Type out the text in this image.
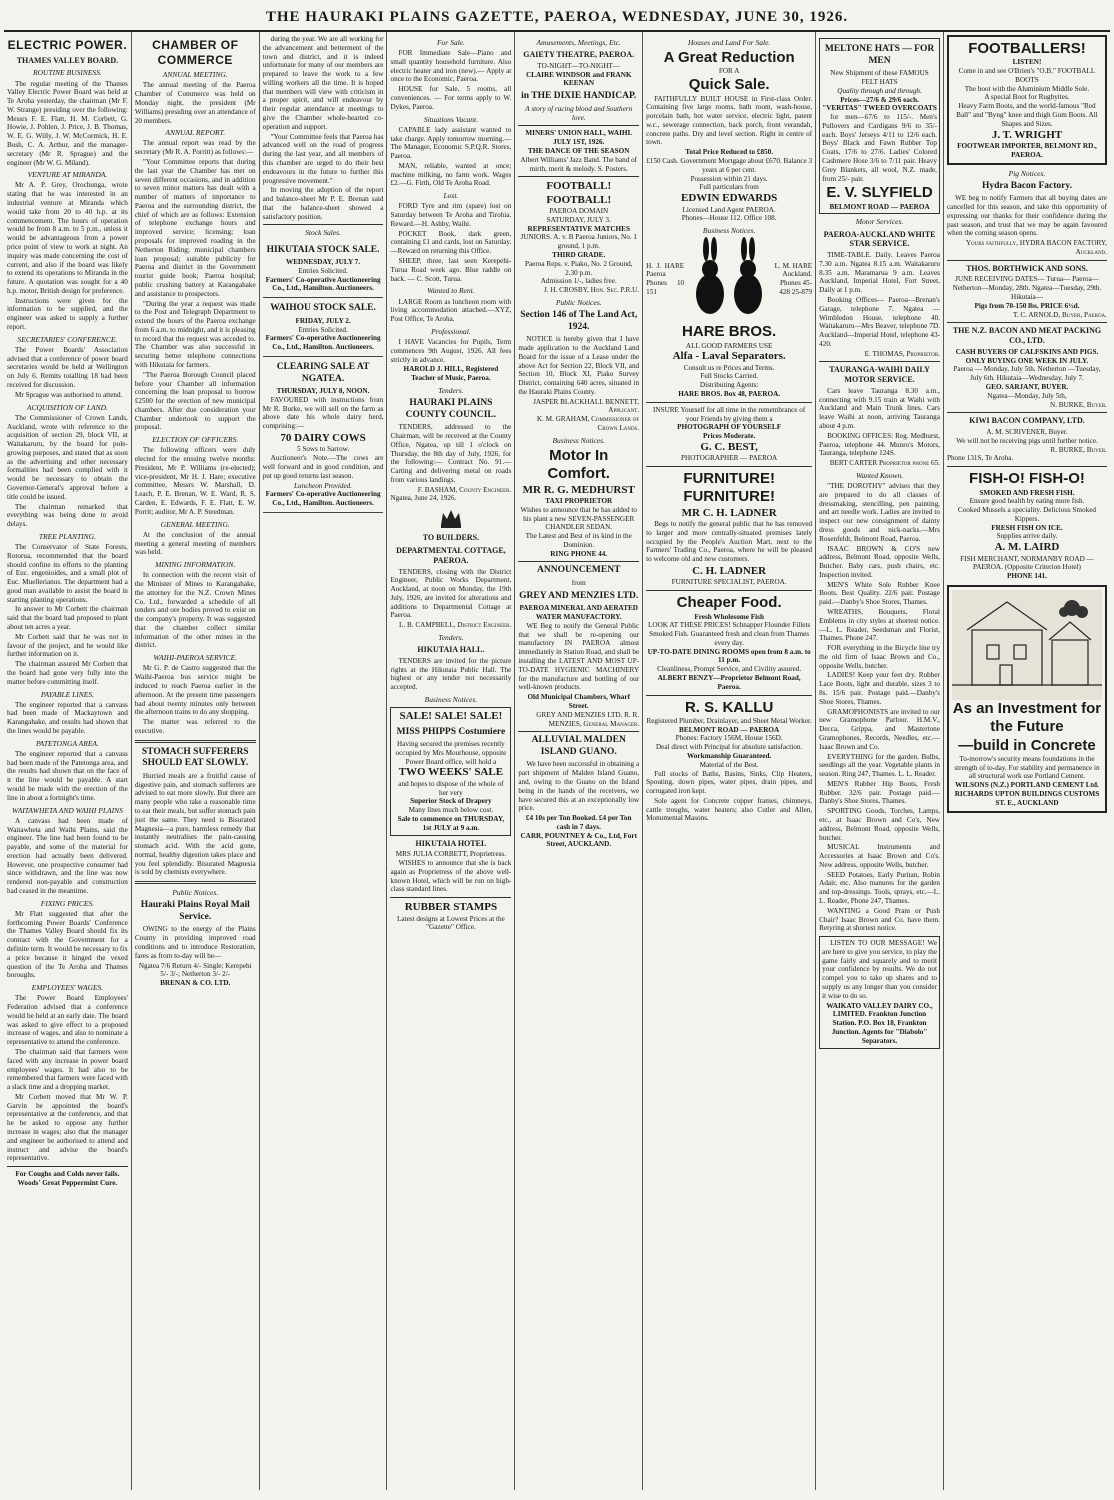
THE HAURAKI PLAINS GAZETTE, PAEROA, WEDNESDAY, JUNE 30, 1926.
ELECTRIC POWER.
THAMES VALLEY BOARD.
ROUTINE BUSINESS.

The regular meeting of the Thames Valley Electric Power Board was held at Te Aroha yesterday, the chairman (Mr F. W. Strange) presiding over the following: Messrs F. E. Flatt, H. M. Corbett, G. Howie, J. Pohlen, J. Price, J. B. Thomas, W. E. G. Willy, J. W. McCormick, H. E. Bush, C. A. Arthur, and the manager-secretary (Mr R. Sprague) and the engineer (Mr W. G. Miland).

VENTURE AT MIRANDA.

Mr A. P. Grey, Orochunga, wrote stating that he was interested in an industrial venture at Miranda which would take from 20 to 40 h.p. at its commencement. The hours of operation would be from 8 a.m. to 5 p.m., unless it would be advantageous from a power price point of view to work at night. An inquiry was made concerning the cost of current, and also if the board was likely to extend its operations to Miranda in the future. A quotation was sought for a 40 h.p. motor, British design for preference.

Instructions were given for the information to be supplied, and the engineer was asked to supply a further report.

SECRETARIES' CONFERENCE.

The Power Boards' Association advised that a conference of power board secretaries would be held at Wellington on July 6. Remits totalling 18 had been received for discussion.

Mr Sprague was authorised to attend.

ACQUISITION OF LAND.

The Commissioner of Crown Lands, Auckland, wrote with reference to the acquisition of section 29, block VII, at Waitakaruru, by the board for pole-growing purposes, and stated that as soon as the advertising and other necessary formalities had been complied with it would be necessary to obtain the Governor-General's approval before a title could be issued.

The chairman remarked that everything was being done to avoid delays.

TREE PLANTING.

The Conservator of State Forests, Rotorua, recommended that the board should confine its efforts to the planting of Euc. engenioides, and a small plot of Euc. Muellerianus. The department had a good man available to assist the board in starting planting operations.

In answer to Mr Corbett the chairman said that the board had proposed to plant about ten acres a year.

Mr Corbett said that he was not in favour of the project, and he would like further information on it.

The chairman assured Mr Corbett that the board had gone very fully into the matter before committing itself.

PAYABLE LINES.

The engineer reported that a canvass had been made of Mackaytown and Karangahake, and results had shown that the lines would be payable.

PATETONGA AREA.

The engineer reported that a canvass had been made of the Patetonga area, and the results had shown that on the face of it the line would be payable. A start would be made with the erection of the line in about a fortnight's time.

WAITAWHETA AND WAIHI PLAINS

A canvass had been made of Waitawheta and Waihi Plains, said the engineer. The line had been found to be payable, and some of the material for erection had actually been delivered. However, one prospective consumer had since withdrawn, and the line was now rendered non-payable and construction had ceased in the meantime.

FIXING PRICES.

Mr Flatt suggested that after the forthcoming Power Boards' Conference the Thames Valley Board should fix its contract with the Government for a definite term. It would be necessary to fix a price because it hinged the vexed question of the Te Aroha and Thames boroughs.

EMPLOYEES' WAGES.

The Power Board Employees' Federation advised that a conference would be held at an early date. The board was asked to give effect to a proposed increase of wages, and also to nominate a representative to attend the conference.

The chairman said that farmers were faced with any increase in power board employees' wages. It had also to be remembered that farmers were faced with a slack time and a dropping market.

Mr Corbett moved that Mr W. P. Garvin be appointed the board's representative at the conference, and that he be asked to oppose any further increase in wages; also that the manager and engineer be authorised to attend and instruct and advise the board's representative.

For Coughs and Colds never fails. Woods' Great Peppermint Cure.
CHAMBER OF COMMERCE
ANNUAL MEETING.

The annual meeting of the Paeroa Chamber of Commerce was held on Monday night, the president (Mr Williams) presiding over an attendance of 20 members.

ANNUAL REPORT.

The annual report was read by the secretary (Mr R. A. Porritt) as follows:—

"Your Committee reports that during the last year the Chamber has met on seven different occasions, and in addition to seven minor matters has dealt with a number of matters of importance to Paeroa and the surrounding district, the chief of which are as follows: Extension of telephone exchange hours and improved service; licensing; loan proposals for improved roading in the Netherton Riding; municipal chambers loan proposal; suitable publicity for Paeroa and district in the Government tourist guide book; Paeroa hospital; public crushing battery at Karangahake and assistance to prospectors.

"During the year a request was made to the Post and Telegraph Department to extend the hours of the Paeroa exchange from 6 a.m. to midnight, and it is pleasing to record that the request was acceded to. The Chamber was also successful in securing better telephone connections with Hikutaia for farmers.

"The Paeroa Borough Council placed before your Chamber all information concerning the loan proposal to borrow £2500 for the erection of new municipal chambers. After due consideration your Chamber undertook to support the proposal.

ELECTION OF OFFICERS.

The following officers were duly elected for the ensuing twelve months: President, Mr P. Williams (re-elected); vice-president, Mr H. J. Hare; executive committee, Messrs W. Marshall, D. Leach, P. E. Brenan, W. E. Ward, R. S. Carden, E. Edwards, F. E. Flatt, E. W. Porrit; auditor, Mr A. P. Steedman.

GENERAL MEETING.

At the conclusion of the annual meeting a general meeting of members was held.

MINING INFORMATION.

In connection with the recent visit of the Minister of Mines to Karangahake, the attorney for the N.Z. Crown Mines Co. Ltd., forwarded a schedule of all tenders and ore bodies proved to exist on the company's property. It was suggested that the chamber collect similar information of the other mines in the district.

WAIHI-PAEROA SERVICE.

Mr G. P. de Castro suggested that the Waihi-Paeroa bus service might be induced to reach Paeroa earlier in the afternoon. At the present time passengers had about twenty minutes only between the afternoon trains to do any shopping.

The matter was referred to the executive.

STOMACH SUFFERERS SHOULD EAT SLOWLY.

Hurried meals are a fruitful cause of digestive pain, and stomach sufferers are advised to eat more slowly. But there are many people who take a reasonable time to eat their meals, but suffer stomach pain just the same. They need is Bisurated Magnesia—a pure, harmless remedy that instantly neutralises the pain-causing stomach acid. With the acid gone, normal, healthy digestion takes place and you feel splendidly. Bisurated Magnesia is sold by chemists everywhere.

Public Notices.
Hauraki Plains Royal Mail Service.

OWING to the energy of the Plains County in providing improved road conditions and to introduce Restoration, fares as from to-day will be—

Ngatea 7/6 Return 4/- Single; Kerepehi 5/- 3/-; Netherton 3/- 2/-
BRENAN & CO. LTD.

during the year. We are all working for the advancement and betterment of the town and district, and it is indeed unfortunate for many of our members are prepared to leave the work to a few willing workers all the time. It is hoped that members will view with criticism in a proper spirit, and will endeavour by their regular attendance at meetings to give the Chamber whole-hearted co-operation and support.

"Your Committee feels that Paeroa has advanced well on the road of progress during the last year, and all members of this chamber are urged to do their best endeavours in the future to further this progressive movement."

In moving the adoption of the report and balance-sheet Mr P. E. Brenan said that the balance-sheet showed a satisfactory position.

Stock Sales.
HIKUTAIA STOCK SALE.
WEDNESDAY, JULY 7.
Entries Solicited.
Farmers' Co-operative Auctioneering Co., Ltd., Hamilton. Auctioneers.
WAIHOU STOCK SALE.
FRIDAY, JULY 2.
Entries Solicited.
Farmers' Co-operative Auctioneering Co., Ltd., Hamilton. Auctioneers.
CLEARING SALE AT NGATEA.
THURSDAY, JULY 8, NOON.

FAVOURED with instructions from Mr R. Burke, we will sell on the farm as above date his whole dairy herd, comprising:—

70 DAIRY COWS
5 Sows to Sarrow.

Auctioneer's Note.—The cows are well forward and in good condition, and put up good returns last season.

Luncheon Provided.
Farmers' Co-operative Auctioneering Co., Ltd., Hamilton. Auctioneers.
For Sale.

FOR Immediate Sale—Piano and small quantity household furniture. Also electric heater and iron (new).— Apply at once to the Economic, Paeroa.

HOUSE for Sale, 5 rooms, all conveniences. — For terms apply to W. Dykes, Paeroa.

Situations Vacant.

CAPABLE lady assistant wanted to take charge. Apply tomorrow morning.—The Manager, Economic S.P.Q.R. Stores, Paeroa.

MAN, reliable, wanted at once; machine milking, no farm work. Wages £2.—G. Firth, Old Te Aroha Road.

Lost.

FORD Tyre and rim (spare) lost on Saturday between Te Aroha and Tirohia. Reward.—H. Ashby, Waihi.

POCKET Book, dark green, containing £1 and cards, lost on Saturday.—Reward on returning this Office.

SHEEP, three, last seen Kerepehi-Turua Road week ago. Blue raddle on back. — C. Scott, Turua.

Wanted to Rent.

LARGE Room as luncheon room with living accommodation attached.—XYZ, Post Office, Te Aroha.

Professional.

I HAVE Vacancies for Pupils, Term commences 9th August, 1926. All fees strictly in advance.

HAROLD J. HILL, Registered Teacher of Music, Paeroa.
Tenders.
HAURAKI PLAINS COUNTY COUNCIL.

TENDERS, addressed to the Chairman, will be received at the County Office, Ngatea, up till 1 o'clock on Thursday, the 8th day of July, 1926, for the following:— Contract No. 91.—Carting and delivering metal on roads from various landings.

F. BASHAM, County Engineer.
Ngatea, June 24, 1926.
TO BUILDERS.
DEPARTMENTAL COTTAGE, PAEROA.

TENDERS, closing with the District Engineer, Public Works Department, Auckland, at noon on Monday, the 19th July, 1926, are invited for alterations and additions to Departmental Cottage at Paeroa.

L. B. CAMPBELL, District Engineer.
Tenders.
HIKUTAIA HALL.

TENDERS are invited for the picture rights at the Hikutaia Public Hall. The highest or any tender not necessarily accepted.

Business Notices.
SALE! SALE! SALE!
MISS PHIPPS Costumiere
Having secured the premises recently occupied by Mrs Mourhouse, opposite Power Board office, will hold a
TWO WEEKS' SALE
and hopes to dispose of the whole of her very
Superior Stock of Drapery
Many lines much below cost.
Sale to commence on THURSDAY, 1st JULY at 9 a.m.
HIKUTAIA HOTEL
MRS JULIA CORBETT, Proprietress.

WISHES to announce that she is back again as Proprietress of the above well-known Hotel, which will be run on high-class standard lines.

RUBBER STAMPS
Latest designs at Lowest Prices at the "Gazette" Office.
Amusements, Meetings, Etc.
GAIETY THEATRE, PAEROA.
TO-NIGHT—TO-NIGHT—
CLAIRE WINDSOR and FRANK KEENAN
in THE DIXIE HANDICAP.
A story of racing blood and Southern love.
MINERS' UNION HALL, WAIHI. JULY 1ST, 1926.
THE DANCE OF THE SEASON
Albert Williams' Jazz Band. The band of mirth, merit & melody. S. Posters.
FOOTBALL! FOOTBALL!
PAEROA DOMAIN
SATURDAY, JULY 3.
REPRESENTATIVE MATCHES
JUNIORS. A. v. B Paeroa Juniors, No. 1 ground, 1 p.m.
THIRD GRADE.
Paeroa Reps. v. Piako, No. 2 Ground, 2.30 p.m.
Admission 1/-, ladies free.
J. H. CROSBY, Hon. Sec. P.R.U.
Public Notices.
Section 146 of The Land Act, 1924.

NOTICE is hereby given that I have made application to the Auckland Land Board for the issue of a Lease under the above Act for Section 22, Block VII, and Section 10, Block XI, Piako Survey District, containing 640 acres, situated in the Hauraki Plains County.

JASPER BLACKHALL BENNETT, Applicant.
K. M. GRAHAM, Commissioner of Crown Lands.
Business Notices.
Motor In Comfort.
MR R. G. MEDHURST
TAXI PROPRIETOR
Wishes to announce that he has added to his plant a new SEVEN-PASSENGER CHANDLER SEDAN.
The Latest and Best of its kind in the Dominion.
RING PHONE 44.
ANNOUNCEMENT
from
GREY AND MENZIES LTD.
PAEROA MINERAL AND AERATED WATER MANUFACTORY.

WE Beg to notify the General Public that we shall be re-opening our manufactory IN PAEROA almost immediately in Station Road, and shall be installing the LATEST AND MOST UP-TO-DATE HYGIENIC MACHINERY for the manufacture and bottling of our well-known products.

Old Municipal Chambers, Wharf Street.
GREY AND MENZIES LTD. R. R. MENZIES, General Manager.
ALLUVIAL MALDEN ISLAND GUANO.

We have been successful in obtaining a part shipment of Malden Island Guano, and, owing to the Guano on the Island being in the hands of the receivers, we have secured this at an exceptionally low price.

£4 10s per Ton Booked. £4 per Ton cash in 7 days.
CARR, POUNTNEY & Co., Ltd, Fort Street, AUCKLAND.
Houses and Land For Sale.
A Great Reduction
FOR A
Quick Sale.

FAITHFULLY BUILT HOUSE in First-class Order. Containing five large rooms, bath room, wash-house, porcelain bath, hot water service, electric light, patent w.c., sewerage connection, back porch, front verandah, concrete paths. Dry and level section. Right in centre of town.

Total Price Reduced to £850.
£150 Cash. Government Mortgage about £670. Balance 3 years at 6 per cent.
Possession within 21 days.
Full particulars from
EDWIN EDWARDS
Licensed Land Agent PAEROA.
Phones—House 112. Office 108.
Business Notices.
H. J. HARE Paeroa Phones 10 151
L. M. HARE Auckland. Phones 45-428 25-879
HARE BROS.
ALL GOOD FARMERS USE
Alfa - Laval Separators.
Consult us re Prices and Terms.
Full Stocks Carried.
Distributing Agents:
HARE BROS. Box 48, PAEROA.
INSURE Yourself for all time in the remembrance of your Friends by giving them a
PHOTOGRAPH OF YOURSELF
Prices Moderate.
G. C. BEST,
PHOTOGRAPHER — PAEROA
FURNITURE! FURNITURE!
MR C. H. LADNER

Begs to notify the general public that he has removed to larger and more centrally-situated premises lately occupied by the People's Auction Mart, next to the Farmers' Trading Co., Paeroa, where he will be pleased to welcome old and new customers.

C. H. LADNER
FURNITURE SPECIALIST, PAEROA.
Cheaper Food.
Fresh Wholesome Fish
LOOK AT THESE PRICES! Schnapper Flounder Fillets Smoked Fish. Guaranteed fresh and clean from Thames every day.
UP-TO-DATE DINING ROOMS open from 8 a.m. to 11 p.m.
Cleanliness, Prompt Service, and Civility assured.
ALBERT BENZY—Proprietor Belmont Road, Paeroa.
R. S. KALLU
Registered Plumber, Drainlayer, and Sheet Metal Worker.
BELMONT ROAD — PAEROA
Phones: Factory 156M, House 156D.
Deal direct with Principal for absolute satisfaction.
Workmanship Guaranteed.
Material of the Best.

Full stocks of Baths, Basins, Sinks, Clip Heaters, Spouting, down pipes, water pipes, drain pipes, and corrugated iron kept.

Sole agent for Concrete copper frames, chimneys, cattle troughs, water heaters; also Cutler and Allen, Monumental Masons.

MELTONE HATS — FOR MEN
New Shipment of these FAMOUS FELT HATS
Quality through and through.
Prices—27/6 & 29/6 each.
"VERITAS" TWEED OVERCOATS

for men—67/6 to 115/-. Men's Pullovers and Cardigans 9/6 to 35/- each. Boys' Jerseys 4/11 to 12/6 each. Boys' Black and Fawn Rubber Top Coats, 17/6 to 27/6. Ladies' Colored Cashmere Hose 3/6 to 7/11 pair. Heavy Grey Blankets, all wool, N.Z. made, from 25/- pair.

E. V. SLYFIELD
BELMONT ROAD — PAEROA
Motor Services.
PAEROA-AUCKLAND WHITE STAR SERVICE.

TIME-TABLE. Daily. Leaves Paeroa 7.30 a.m. Ngatea 8.15 a.m. Waitakaruru 8.35 a.m. Maramarua 9 a.m. Leaves Auckland, Imperial Hotel, Fort Street, Daily at 1 p.m.

Booking Offices— Paeroa—Brenan's Garage, telephone 7. Ngatea — Wimbledon House, telephone 40. Waitakaruru—Mrs Beaver, telephone 7D. Auckland—Imperial Hotel, telephone 43-420.

E. THOMAS, Proprietor.
TAURANGA-WAIHI DAILY MOTOR SERVICE.

Cars leave Tauranga 8.30 a.m., connecting with 9.15 train at Waihi with Auckland and Main Trunk lines. Cars leave Waihi at noon, arriving Tauranga about 4 p.m.

BOOKING OFFICES: Reg. Medhurst, Paeroa, telephone 44. Munro's Motors, Tauranga, telephone 124S.

BERT CARTER Proprietor phone 65.
Wanted Known.

"THE DOROTHY" advises that they are prepared to do all classes of dressmaking, stencilling, pen painting, and art needle work. Ladies are invited to inspect our new consignment of dainty dress goods and nick-nacks.—Mrs Rosenfeldt, Belmont Road, Paeroa.

ISAAC BROWN & CO'S new address, Belmont Road, opposite Wells, Butcher. Baby cars, push chairs, etc. Inspection invited.

MEN'S White Sole Rubber Knee Boots. Best Quality. 22/6 pair. Postage paid.—Danby's Shoe Stores, Thames.

WREATHS, Bouquets, Floral Emblems in city styles at shortest notice.—L. L. Reader, Seedsman and Florist, Thames. Phone 247.

FOR everything in the Bicycle line try the old firm of Isaac Brown and Co., opposite Wells, butcher.

LADIES! Keep your feet dry. Rubber Lace Boots, light and durable, sizes 3 to 8s. 15/6 pair. Postage paid.—Danby's Shoe Stores, Thames.

GRAMOPHONISTS are invited to our new Gramophone Parlour. H.M.V., Decca, Grippa, and Mastertone Gramophones, Records, Needles, etc.—Isaac Brown and Co.

EVERYTHING for the garden. Bulbs, seedlings all the year. Vegetable plants in season. Ring 247, Thames. L. L. Reader.

MEN'S Rubber Hip Boots, Fresh Rubber. 32/6 pair. Postage paid.—Danby's Shoe Stores, Thames.

SPORTING Goods, Torches, Lamps, etc., at Isaac Brown and Co's, New address, Belmont Road, opposite Wells, butcher.

MUSICAL Instruments and Accessories at Isaac Brown and Co's. New address, opposite Wells, butcher.

SEED Potatoes, Early Puritan, Robin Adair, etc. Also manures for the garden and top-dressings. Tools, sprays, etc.—L. L. Reader, Phone 247, Thames.

WANTING a Good Pram or Push Chair? Isaac Brown and Co. have them. Retyring at shortest notice.

LISTEN TO OUR MESSAGE! We are here to give you service, to play the game fairly and squarely and to merit your confidence by results. We do not compel you to take up shares and to supply us any longer than you consider it wise to do so.

WAIKATO VALLEY DAIRY CO., LIMITED. Frankton Junction Station. P.O. Box 18, Frankton Junction. Agents for "Diabolo" Separators.
FOOTBALLERS!
LISTEN!
Come in and see O'Brien's "O.B." FOOTBALL BOOTS
The boot with the Aluminium Middle Sole.
A special Boot for Rugbyites.
Heavy Farm Boots, and the world-famous "Red Ball" and "Byng" knee and thigh Gum Boots. All Shapes and Sizes.
J. T. WRIGHT
FOOTWEAR IMPORTER, BELMONT RD., PAEROA.
Pig Notices.
Hydra Bacon Factory.

WE beg to notify Farmers that all buying dates are cancelled for this season, and take this opportunity of expressing our thanks for their confidence during the past season, and trust that we may be again favoured when the coming season opens.

Yours faithfully, HYDRA BACON FACTORY, Auckland.
THOS. BORTHWICK AND SONS.
JUNE RECEIVING DATES— Turua— Paeroa— Netherton—Monday, 28th. Ngatea—Tuesday, 29th. Hikutaia—
Pigs from 70-150 lbs. PRICE 6½d.
T. C. ARNOLD, Buyer, Paeroa.
THE N.Z. BACON AND MEAT PACKING CO., LTD.
CASH BUYERS OF CALFSKINS AND PIGS.
ONLY BUYING ONE WEEK IN JULY.
Paeroa — Monday, July 5th. Netherton —Tuesday, July 6th. Hikutaia—Wednesday, July 7.
GEO. SARJANT, BUYER.
Ngatea—Monday, July 5th,
N. BURKE, Buyer.
KIWI BACON COMPANY, LTD.
A. M. SCRIVENER, Buyer.
We will not be receiving pigs until further notice.
R. BURKE, Buyer.
Phone 131S, Te Aroha.
FISH-O! FISH-O!
SMOKED AND FRESH FISH.
Ensure good health by eating more fish.
Cooked Mussels a speciality. Delicious Smoked Kippers.
FRESH FISH ON ICE.
Supplies arrive daily.
A. M. LAIRD
FISH MERCHANT, NORMANBY ROAD — PAEROA. (Opposite Criterion Hotel)
PHONE 141.
As an Investment for the Future
—build in Concrete
To-morrow's security means foundations in the strength of to-day. For stability and permanence in all structural work use Portland Cement.
WILSONS (N.Z.) PORTLAND CEMENT Ltd. RICHARDS UPTON BUILDINGS CUSTOMS ST. E., AUCKLAND
